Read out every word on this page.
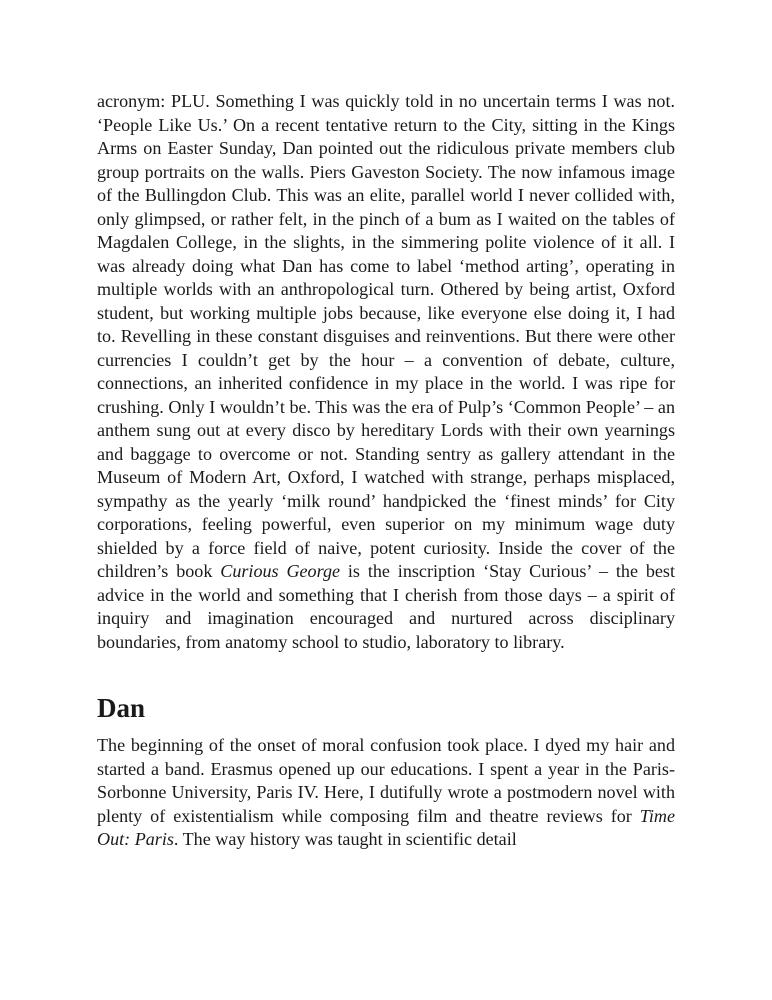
acronym: PLU. Something I was quickly told in no uncertain terms I was not. ‘People Like Us.’ On a recent tentative return to the City, sitting in the Kings Arms on Easter Sunday, Dan pointed out the ridiculous private members club group portraits on the walls. Piers Gaveston Society. The now infamous image of the Bullingdon Club. This was an elite, parallel world I never collided with, only glimpsed, or rather felt, in the pinch of a bum as I waited on the tables of Magdalen College, in the slights, in the simmering polite violence of it all. I was already doing what Dan has come to label ‘method arting’, operating in multiple worlds with an anthropological turn. Othered by being artist, Oxford student, but working multiple jobs because, like everyone else doing it, I had to. Revelling in these constant disguises and reinventions. But there were other currencies I couldn’t get by the hour – a convention of debate, culture, connections, an inherited confidence in my place in the world. I was ripe for crushing. Only I wouldn’t be. This was the era of Pulp’s ‘Common People’ – an anthem sung out at every disco by hereditary Lords with their own yearnings and baggage to overcome or not. Standing sentry as gallery attendant in the Museum of Modern Art, Oxford, I watched with strange, perhaps misplaced, sympathy as the yearly ‘milk round’ handpicked the ‘finest minds’ for City corporations, feeling powerful, even superior on my minimum wage duty shielded by a force field of naive, potent curiosity. Inside the cover of the children’s book Curious George is the inscription ‘Stay Curious’ – the best advice in the world and something that I cherish from those days – a spirit of inquiry and imagination encouraged and nurtured across disciplinary boundaries, from anatomy school to studio, laboratory to library.

Dan

The beginning of the onset of moral confusion took place. I dyed my hair and started a band. Erasmus opened up our educations. I spent a year in the Paris-Sorbonne University, Paris IV. Here, I dutifully wrote a postmodern novel with plenty of existentialism while composing film and theatre reviews for Time Out: Paris. The way history was taught in scientific detail
